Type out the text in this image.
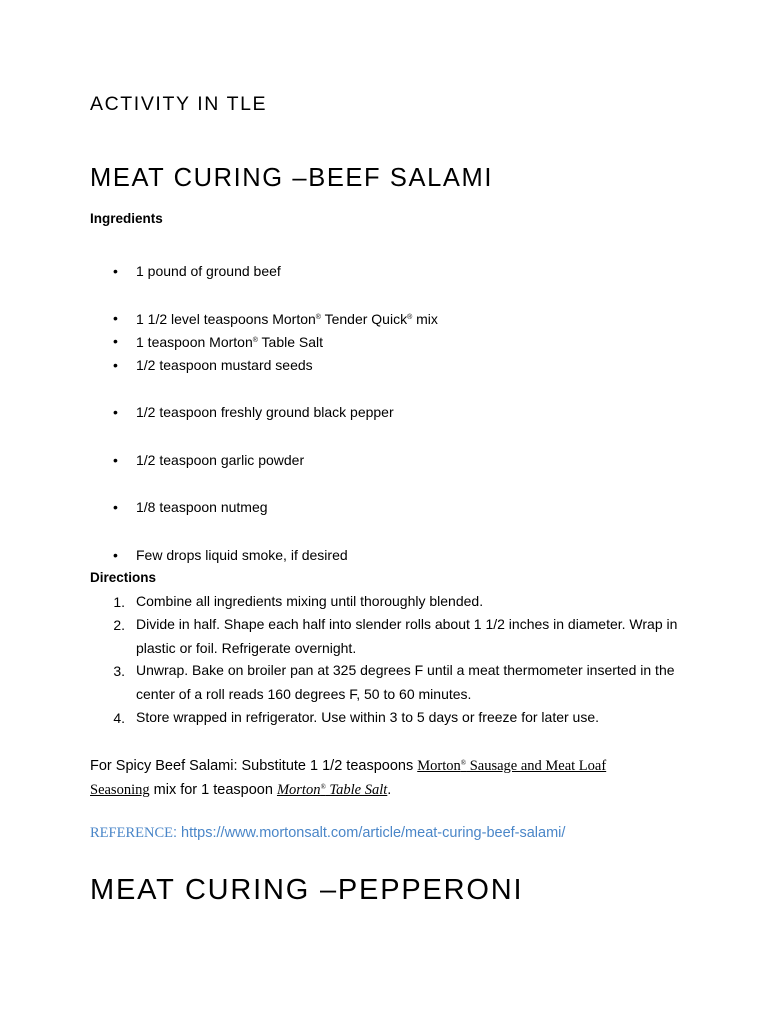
ACTIVITY IN TLE
MEAT CURING –BEEF SALAMI
Ingredients
• 1 pound of ground beef
• 1 1/2 level teaspoons Morton® Tender Quick® mix
• 1 teaspoon Morton® Table Salt
• 1/2 teaspoon mustard seeds
• 1/2 teaspoon freshly ground black pepper
• 1/2 teaspoon garlic powder
• 1/8 teaspoon nutmeg
• Few drops liquid smoke, if desired
Directions
1. Combine all ingredients mixing until thoroughly blended.
2. Divide in half. Shape each half into slender rolls about 1 1/2 inches in diameter. Wrap in plastic or foil. Refrigerate overnight.
3. Unwrap. Bake on broiler pan at 325 degrees F until a meat thermometer inserted in the center of a roll reads 160 degrees F, 50 to 60 minutes.
4. Store wrapped in refrigerator. Use within 3 to 5 days or freeze for later use.
For Spicy Beef Salami: Substitute 1 1/2 teaspoons Morton® Sausage and Meat Loaf
Seasoning mix for 1 teaspoon Morton® Table Salt.
REFERENCE: https://www.mortonsalt.com/article/meat-curing-beef-salami/
MEAT CURING –PEPPERONI
